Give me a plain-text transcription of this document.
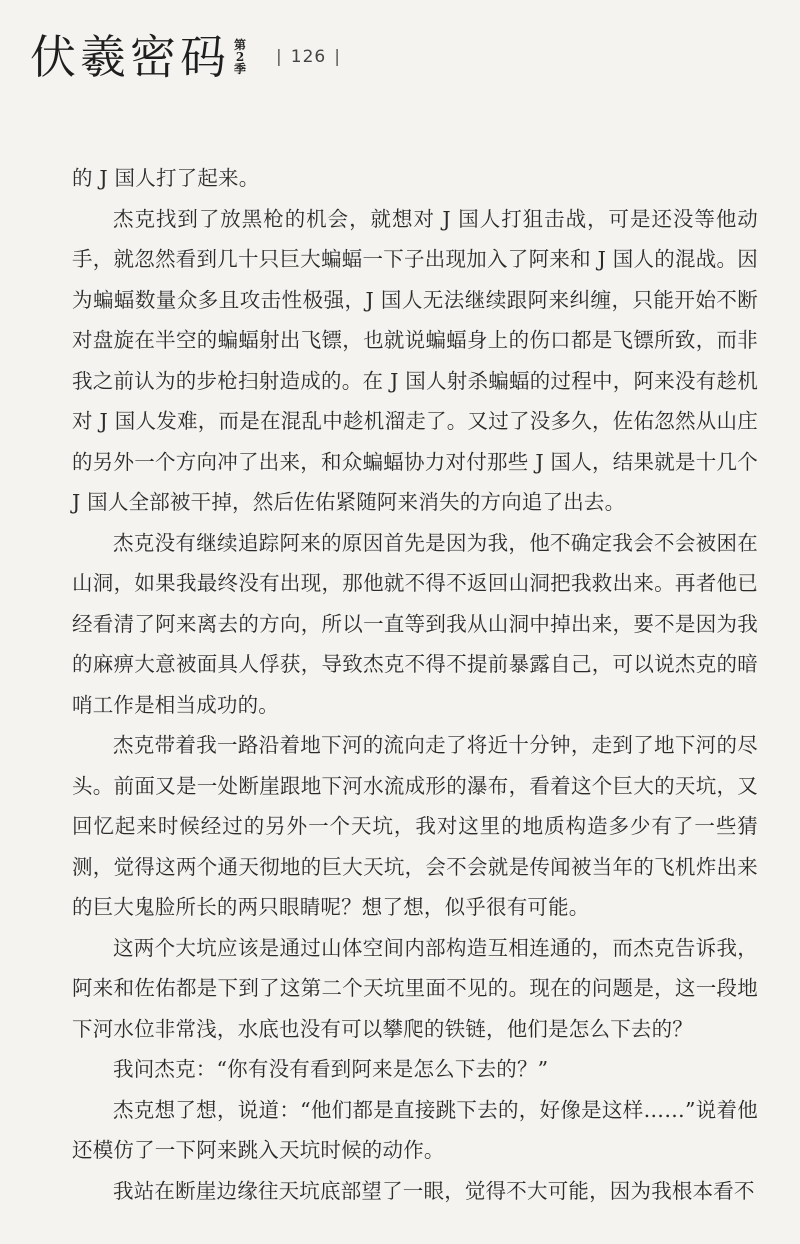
伏羲密码 第
2
季
| 126 |

的 J 国人打了起来。

杰克找到了放黑枪的机会，就想对 J 国人打狙击战，可是还没等他动手，就忽然看到几十只巨大蝙蝠一下子出现加入了阿来和 J 国人的混战。因为蝙蝠数量众多且攻击性极强，J 国人无法继续跟阿来纠缠，只能开始不断对盘旋在半空的蝙蝠射出飞镖，也就说蝙蝠身上的伤口都是飞镖所致，而非我之前认为的步枪扫射造成的。在 J 国人射杀蝙蝠的过程中，阿来没有趁机对 J 国人发难，而是在混乱中趁机溜走了。又过了没多久，佐佑忽然从山庄的另外一个方向冲了出来，和众蝙蝠协力对付那些 J 国人，结果就是十几个 J 国人全部被干掉，然后佐佑紧随阿来消失的方向追了出去。

杰克没有继续追踪阿来的原因首先是因为我，他不确定我会不会被困在山洞，如果我最终没有出现，那他就不得不返回山洞把我救出来。再者他已经看清了阿来离去的方向，所以一直等到我从山洞中掉出来，要不是因为我的麻痹大意被面具人俘获，导致杰克不得不提前暴露自己，可以说杰克的暗哨工作是相当成功的。

杰克带着我一路沿着地下河的流向走了将近十分钟，走到了地下河的尽头。前面又是一处断崖跟地下河水流成形的瀑布，看着这个巨大的天坑，又回忆起来时候经过的另外一个天坑，我对这里的地质构造多少有了一些猜测，觉得这两个通天彻地的巨大天坑，会不会就是传闻被当年的飞机炸出来的巨大鬼脸所长的两只眼睛呢？想了想，似乎很有可能。

这两个大坑应该是通过山体空间内部构造互相连通的，而杰克告诉我，阿来和佐佑都是下到了这第二个天坑里面不见的。现在的问题是，这一段地下河水位非常浅，水底也没有可以攀爬的铁链，他们是怎么下去的？

我问杰克：“你有没有看到阿来是怎么下去的？”

杰克想了想，说道：“他们都是直接跳下去的，好像是这样……”说着他还模仿了一下阿来跳入天坑时候的动作。

我站在断崖边缘往天坑底部望了一眼，觉得不大可能，因为我根本看不
